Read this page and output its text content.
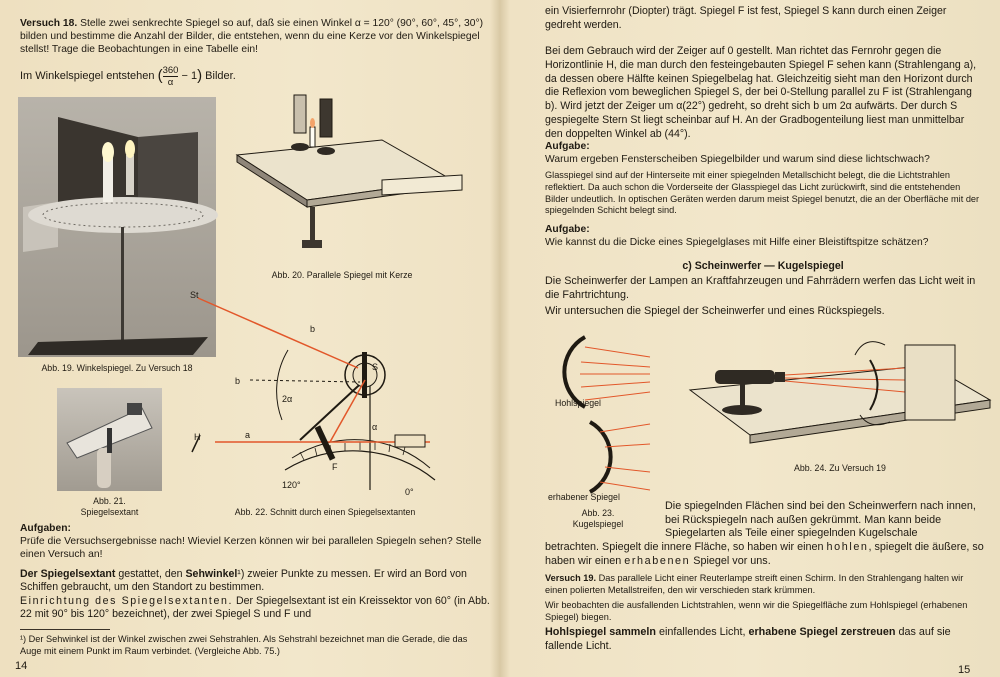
Versuch 18. Stelle zwei senkrechte Spiegel so auf, daß sie einen Winkel α = 120° (90°, 60°, 45°, 30°) bilden und bestimme die Anzahl der Bilder, die entstehen, wenn du eine Kerze vor den Winkelspiegel stellst! Trage die Beobachtungen in eine Tabelle ein!
Im Winkelspiegel entstehen ( $\frac{360}{\alpha} - 1$) Bilder.
Abb. 19. Winkelspiegel. Zu Versuch 18
Abb. 20. Parallele Spiegel mit Kerze
St
b
S
b
2α
H	a
α
F
120°
0°
Abb. 22. Schnitt durch einen Spiegelsextanten
Abb. 21.
Spiegelsextant
Aufgaben:
Prüfe die Versuchsergebnisse nach! Wieviel Kerzen können wir bei parallelen Spiegeln sehen? Stelle einen Versuch an!
Der Spiegelsextant gestattet, den Sehwinkel¹) zweier Punkte zu messen. Er wird an Bord von Schiffen gebraucht, um den Standort zu bestimmen.
Einrichtung des Spiegelsextanten. Der Spiegelsextant ist ein Kreissektor von 60° (in Abb. 22 mit 90° bis 120° bezeichnet), der zwei Spiegel S und F und
¹) Der Sehwinkel ist der Winkel zwischen zwei Sehstrahlen. Als Sehstrahl bezeichnet man die Gerade, die das Auge mit einem Punkt im Raum verbindet. (Vergleiche Abb. 75.)
14
ein Visierfernrohr (Diopter) trägt. Spiegel F ist fest, Spiegel S kann durch einen Zeiger gedreht werden.
Bei dem Gebrauch wird der Zeiger auf 0 gestellt. Man richtet das Fernrohr gegen die Horizontlinie H, die man durch den festeingebauten Spiegel F sehen kann (Strahlengang a), da dessen obere Hälfte keinen Spiegelbelag hat. Gleichzeitig sieht man den Horizont durch die Reflexion vom beweglichen Spiegel S, der bei 0-Stellung parallel zu F ist (Strahlengang b). Wird jetzt der Zeiger um α(22°) gedreht, so dreht sich b um 2α aufwärts. Der durch S gespiegelte Stern St liegt scheinbar auf H. An der Gradbogenteilung liest man unmittelbar den doppelten Winkel ab (44°).
Aufgabe:
Warum ergeben Fensterscheiben Spiegelbilder und warum sind diese lichtschwach?
Glasspiegel sind auf der Hinterseite mit einer spiegelnden Metallschicht belegt, die die Lichtstrahlen reflektiert. Da auch schon die Vorderseite der Glasspiegel das Licht zurückwirft, sind die entstehenden Bilder undeutlich. In optischen Geräten werden darum meist Spiegel benutzt, die an der Oberfläche mit der spiegelnden Schicht belegt sind.
Aufgabe:
Wie kannst du die Dicke eines Spiegelglases mit Hilfe einer Bleistiftspitze schätzen?
c) Scheinwerfer — Kugelspiegel
Die Scheinwerfer der Lampen an Kraftfahrzeugen und Fahrrädern werfen das Licht weit in die Fahrtrichtung.
Wir untersuchen die Spiegel der Scheinwerfer und eines Rückspiegels.
Hohlspiegel
erhabener Spiegel
Abb. 23.
Kugelspiegel
Abb. 24. Zu Versuch 19
Die spiegelnden Flächen sind bei den Scheinwerfern nach innen, bei Rückspiegeln nach außen gekrümmt. Man kann beide Spiegelarten als Teile einer spiegelnden Kugelschale
betrachten. Spiegelt die innere Fläche, so haben wir einen hohlen, spiegelt die äußere, so haben wir einen erhabenen Spiegel vor uns.
Versuch 19. Das parallele Licht einer Reuterlampe streift einen Schirm. In den Strahlengang halten wir einen polierten Metallstreifen, den wir verschieden stark krümmen.
Wir beobachten die ausfallenden Lichtstrahlen, wenn wir die Spiegelfläche zum Hohlspiegel (erhabenen Spiegel) biegen.
Hohlspiegel sammeln einfallendes Licht, erhabene Spiegel zerstreuen das auf sie fallende Licht.
15
